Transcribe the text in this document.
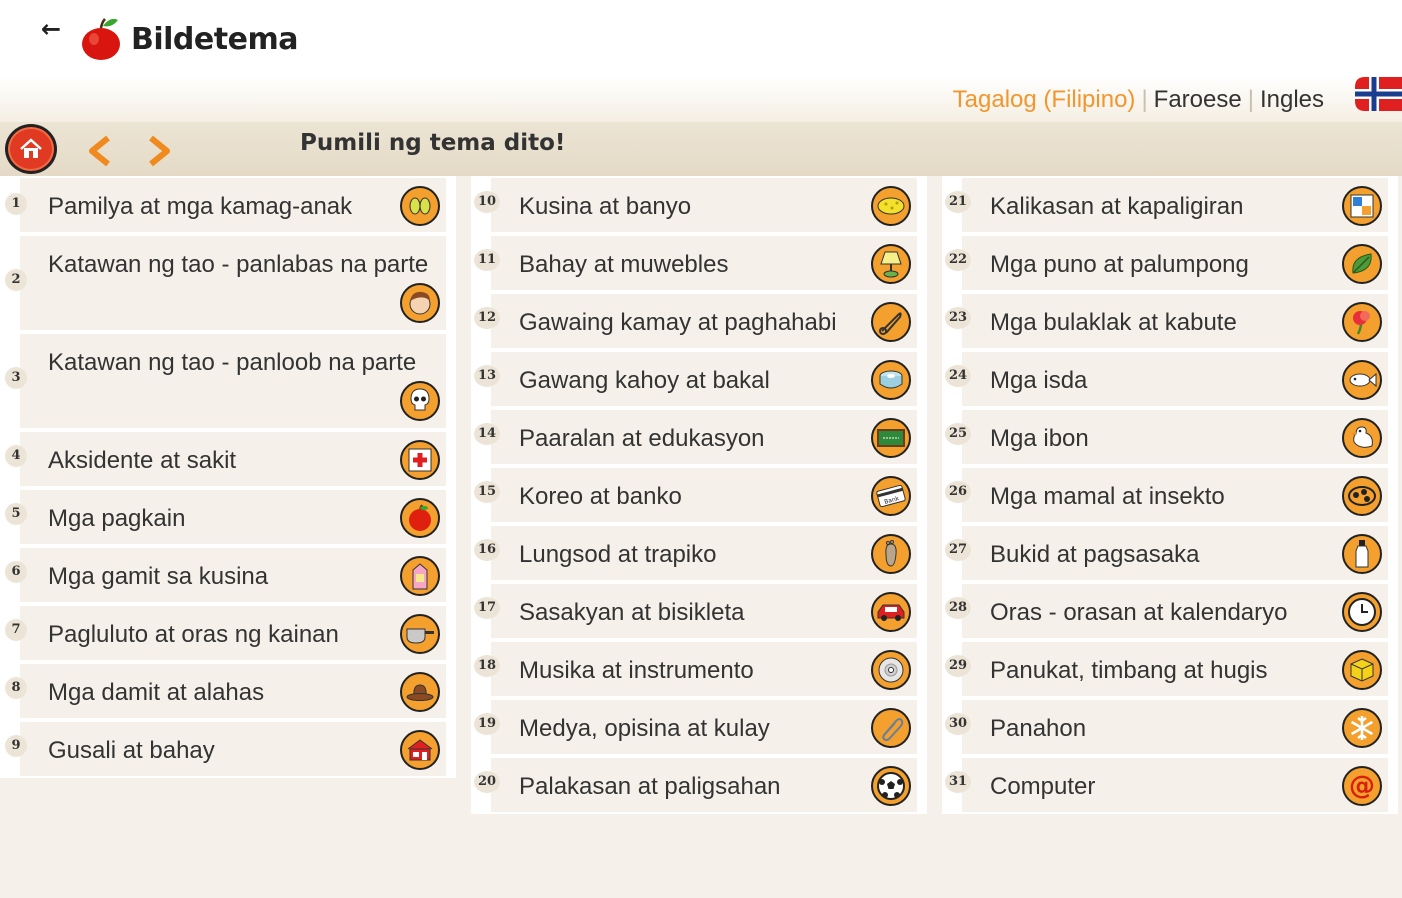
← Bildetema
Tagalog (Filipino) | Faroese | Ingles
Pumili ng tema dito!
1 Pamilya at mga kamag-anak
2
Katawan ng tao - panlabas na parte
3
Katawan ng tao - panloob na parte
4 Aksidente at sakit
5 Mga pagkain
6 Mga gamit sa kusina
7 Pagluluto at oras ng kainan
8 Mga damit at alahas
9 Gusali at bahay
10 Kusina at banyo
11 Bahay at muwebles
12 Gawaing kamay at paghahabi
13 Gawang kahoy at bakal
14 Paaralan at edukasyon
15 Koreo at banko	Bank
16 Lungsod at trapiko
17 Sasakyan at bisikleta
18 Musika at instrumento
19 Medya, opisina at kulay
20 Palakasan at paligsahan
21 Kalikasan at kapaligiran
22 Mga puno at palumpong
23 Mga bulaklak at kabute
24 Mga isda
25 Mga ibon
26 Mga mamal at insekto
27 Bukid at pagsasaka
28 Oras - orasan at kalendaryo
29 Panukat, timbang at hugis
30 Panahon
31 Computer	@
